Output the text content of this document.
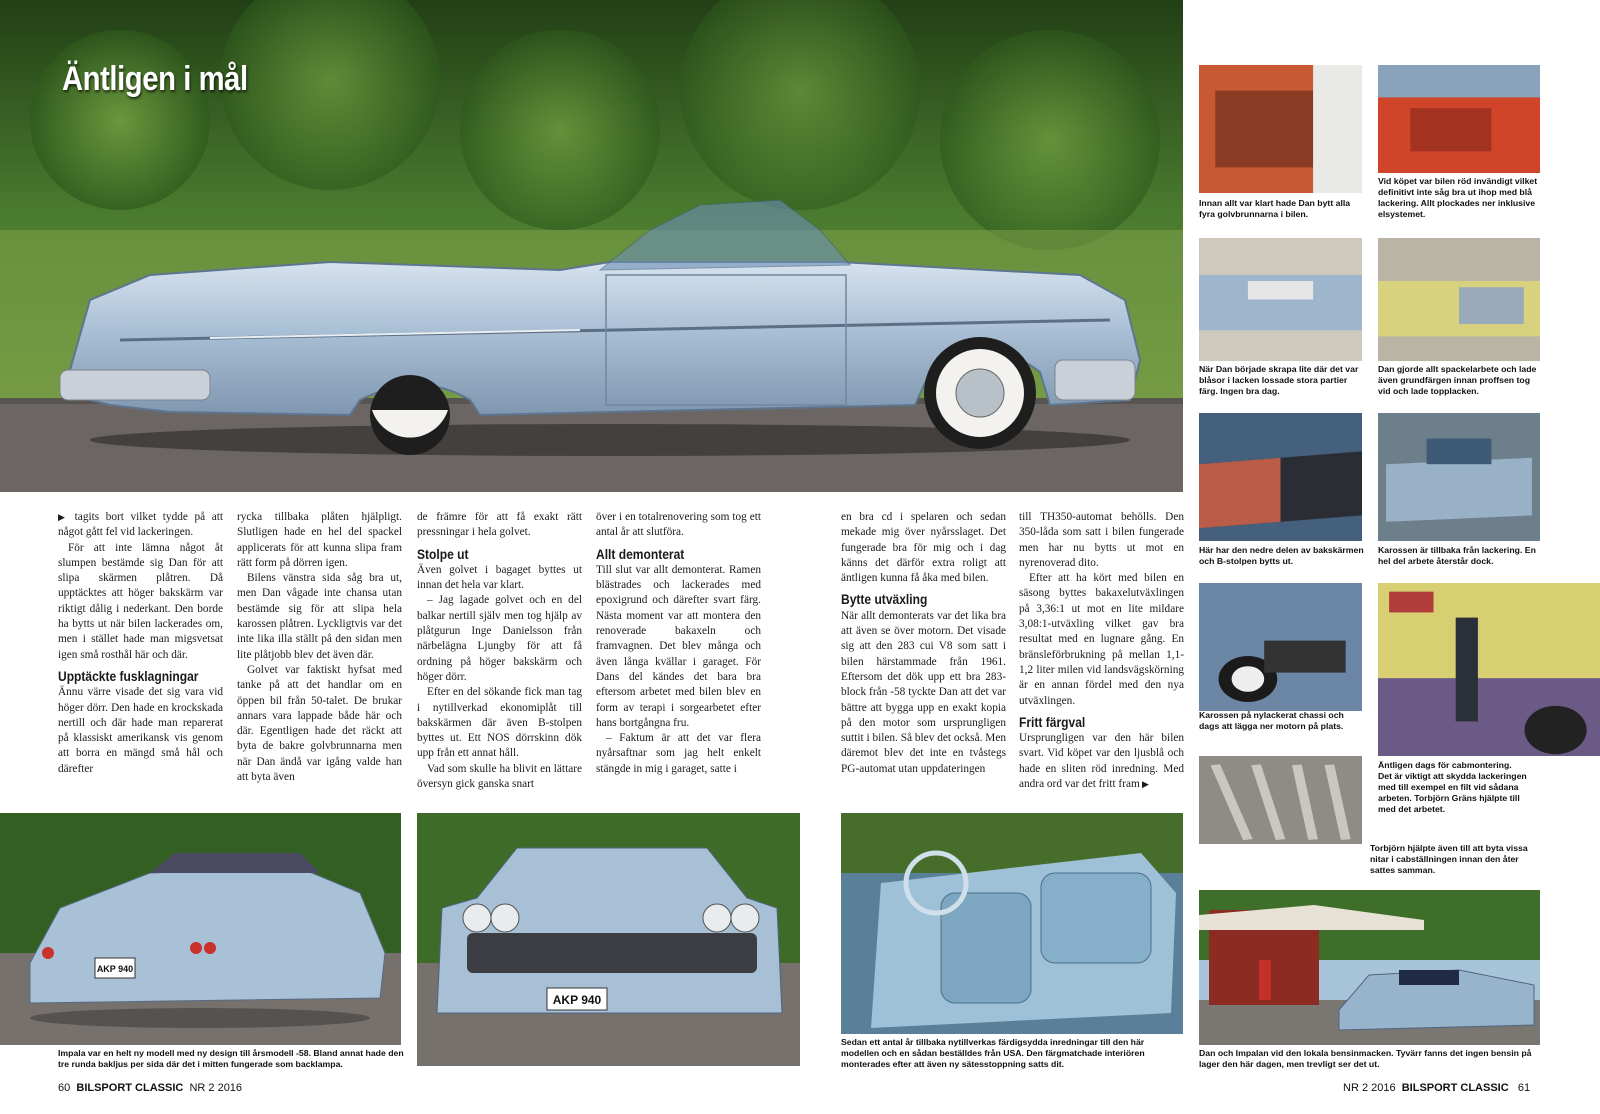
Äntligen i mål

▶ tagits bort vilket tydde på att något gått fel vid lackeringen.

För att inte lämna något åt slumpen bestämde sig Dan för att slipa skärmen plåtren. Då upptäcktes att höger bakskärm var riktigt dålig i nederkant. Den borde ha bytts ut när bilen lackerades om, men i stället hade man migsvetsat igen små rosthål här och där.

Upptäckte fusklagningar

Ännu värre visade det sig vara vid höger dörr. Den hade en krockskada nertill och där hade man reparerat på klassiskt amerikansk vis genom att borra en mängd små hål och därefter

rycka tillbaka plåten hjälpligt. Slutligen hade en hel del spackel applicerats för att kunna slipa fram rätt form på dörren igen.

Bilens vänstra sida såg bra ut, men Dan vågade inte chansa utan bestämde sig för att slipa hela karossen plåtren. Lyckligtvis var det inte lika illa ställt på den sidan men lite plåtjobb blev det även där.

Golvet var faktiskt hyfsat med tanke på att det handlar om en öppen bil från 50-talet. De brukar annars vara lappade både här och där. Egentligen hade det räckt att byta de bakre golvbrunnarna men när Dan ändå var igång valde han att byta även

de främre för att få exakt rätt pressningar i hela golvet.

Stolpe ut

Även golvet i bagaget byttes ut innan det hela var klart.

– Jag lagade golvet och en del balkar nertill själv men tog hjälp av plåtgurun Inge Danielsson från närbelägna Ljungby för att få ordning på höger bakskärm och höger dörr.

Efter en del sökande fick man tag i nytillverkad ekonomiplåt till bakskärmen där även B-stolpen byttes ut. Ett NOS dörrskinn dök upp från ett annat håll.

Vad som skulle ha blivit en lättare översyn gick ganska snart

över i en totalrenovering som tog ett antal år att slutföra.

Allt demonterat

Till slut var allt demonterat. Ramen blästrades och lackerades med epoxigrund och därefter svart färg. Nästa moment var att montera den renoverade bakaxeln och framvagnen. Det blev många och även långa kvällar i garaget. För Dans del kändes det bara bra eftersom arbetet med bilen blev en form av terapi i sorgearbetet efter hans bortgångna fru.

– Faktum är att det var flera nyårsaftnar som jag helt enkelt stängde in mig i garaget, satte i

en bra cd i spelaren och sedan mekade mig över nyårsslaget. Det fungerade bra för mig och i dag känns det därför extra roligt att äntligen kunna få åka med bilen.

Bytte utväxling

När allt demonterats var det lika bra att även se över motorn. Det visade sig att den 283 cui V8 som satt i bilen härstammade från 1961. Eftersom det dök upp ett bra 283-block från -58 tyckte Dan att det var bättre att bygga upp en exakt kopia på den motor som ursprungligen suttit i bilen. Så blev det också. Men däremot blev det inte en tvåstegs PG-automat utan uppdateringen

till TH350-automat behölls. Den 350-låda som satt i bilen fungerade men har nu bytts ut mot en nyrenoverad dito.

Efter att ha kört med bilen en säsong byttes bakaxelutväxlingen på 3,36:1 ut mot en lite mildare 3,08:1-utväxling vilket gav bra resultat med en lugnare gång. En bränsleförbrukning på mellan 1,1-1,2 liter milen vid landsvägskörning är en annan fördel med den nya utväxlingen.

Fritt färgval

Ursprungligen var den här bilen svart. Vid köpet var den ljusblå och hade en sliten röd inredning. Med andra ord var det fritt fram ▶

AKP 940
AKP 940
Innan allt var klart hade Dan bytt alla fyra golvbrunnarna i bilen.
Vid köpet var bilen röd invändigt vilket definitivt inte såg bra ut ihop med blå lackering. Allt plockades ner inklusive elsystemet.
När Dan började skrapa lite där det var blåsor i lacken lossade stora partier färg. Ingen bra dag.
Dan gjorde allt spackelarbete och lade även grundfärgen innan proffsen tog vid och lade topplacken.
Här har den nedre delen av bakskärmen och B-stolpen bytts ut.
Karossen är tillbaka från lackering. En hel del arbete återstår dock.
Karossen på nylackerat chassi och dags att lägga ner motorn på plats.
Äntligen dags för cabmontering. Det är viktigt att skydda lackeringen med till exempel en filt vid sådana arbeten. Torbjörn Gräns hjälpte till med det arbetet.
Torbjörn hjälpte även till att byta vissa nitar i cabställningen innan den åter sattes samman.
Dan och Impalan vid den lokala bensinmacken. Tyvärr fanns det ingen bensin på lager den här dagen, men trevligt ser det ut.
Impala var en helt ny modell med ny design till årsmodell -58. Bland annat hade den tre runda bakljus per sida där det i mitten fungerade som backlampa.
Sedan ett antal år tillbaka nytillverkas färdigsydda inredningar till den här modellen och en sådan beställdes från USA. Den färgmatchade interiören monterades efter att även ny sätesstoppning satts dit.
60 BILSPORT CLASSIC NR 2 2016	NR 2 2016 BILSPORT CLASSIC 61
